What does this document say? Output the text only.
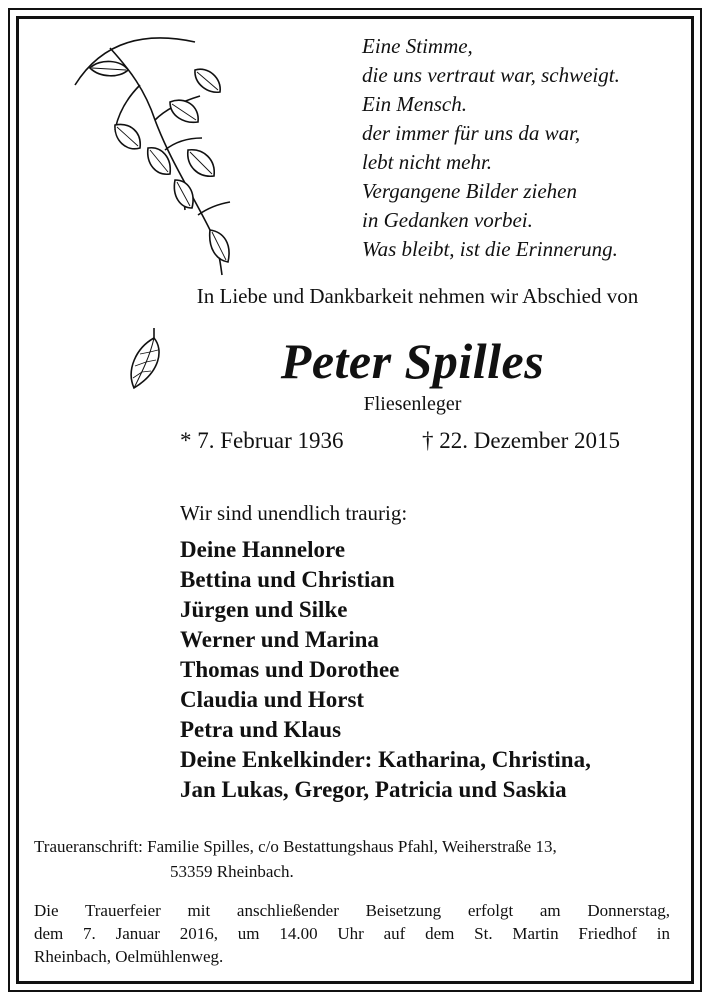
Eine Stimme,
die uns vertraut war, schweigt.
Ein Mensch.
der immer für uns da war,
lebt nicht mehr.
Vergangene Bilder ziehen
in Gedanken vorbei.
Was bleibt, ist die Erinnerung.
In Liebe und Dankbarkeit nehmen wir Abschied von
Peter Spilles
Fliesenleger
* 7. Februar 1936	† 22. Dezember 2015
Wir sind unendlich traurig:
Deine Hannelore
Bettina und Christian
Jürgen und Silke
Werner und Marina
Thomas und Dorothee
Claudia und Horst
Petra und Klaus
Deine Enkelkinder: Katharina, Christina,
Jan Lukas, Gregor, Patricia und Saskia
Traueranschrift: Familie Spilles, c/o Bestattungshaus Pfahl, Weiherstraße 13,
53359 Rheinbach.
Die Trauerfeier mit anschließender Beisetzung erfolgt am Donnerstag,
dem 7. Januar 2016, um 14.00 Uhr auf dem St. Martin Friedhof in
Rheinbach, Oelmühlenweg.
